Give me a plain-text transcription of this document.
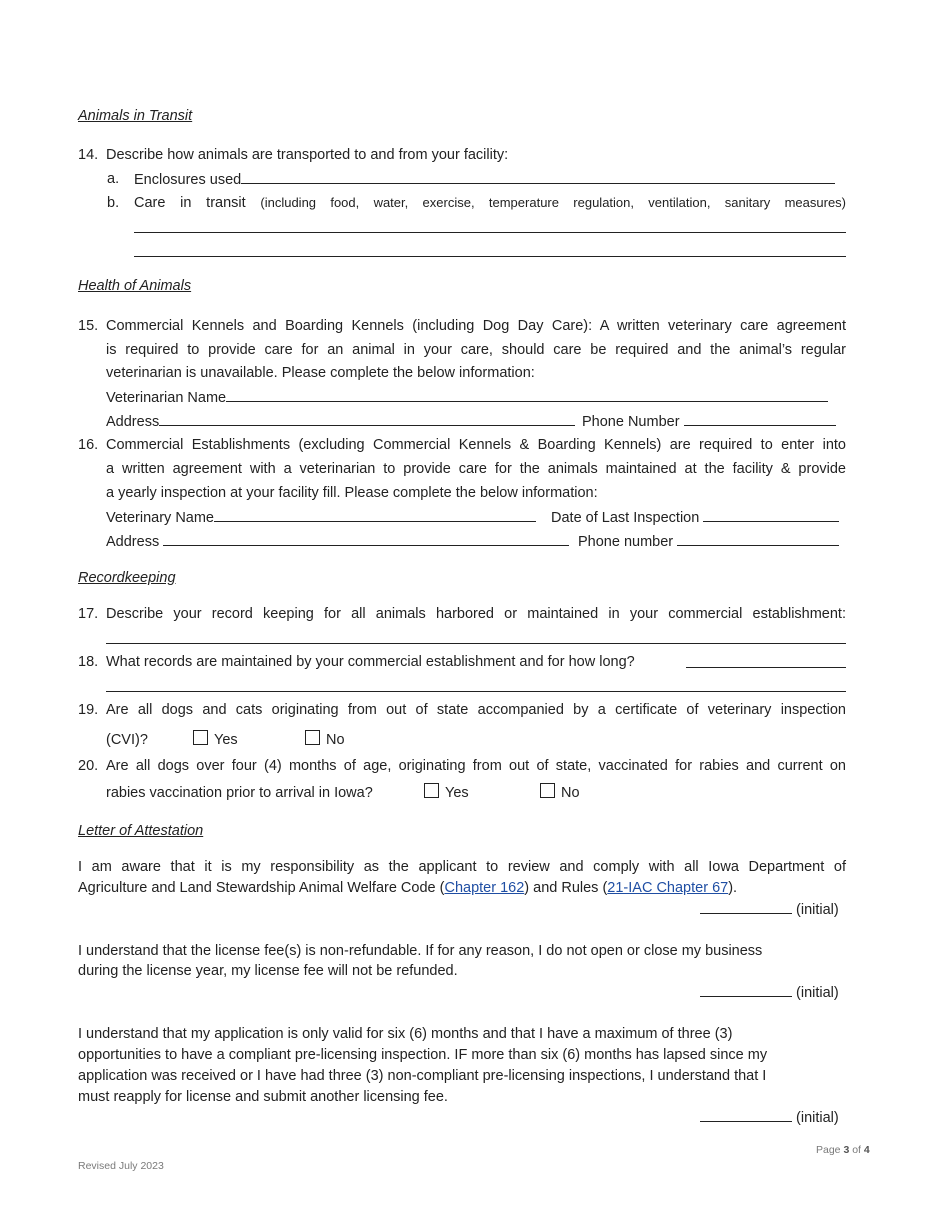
Animals in Transit
14. Describe how animals are transported to and from your facility:
a. Enclosures used
b. Care in transit (including food, water, exercise, temperature regulation, ventilation, sanitary measures)
Health of Animals
15. Commercial Kennels and Boarding Kennels (including Dog Day Care): A written veterinary care agreement
is required to provide care for an animal in your care, should care be required and the animal’s regular
veterinarian is unavailable. Please complete the below information:
Veterinarian Name
Address	Phone Number
16. Commercial Establishments (excluding Commercial Kennels & Boarding Kennels) are required to enter into
a written agreement with a veterinarian to provide care for the animals maintained at the facility & provide
a yearly inspection at your facility fill. Please complete the below information:
Veterinary Name	Date of Last Inspection
Address	Phone number
Recordkeeping
17. Describe your record keeping for all animals harbored or maintained in your commercial establishment:
18. What records are maintained by your commercial establishment and for how long?
19. Are all dogs and cats originating from out of state accompanied by a certificate of veterinary inspection
(CVI)?	Yes	No
20. Are all dogs over four (4) months of age, originating from out of state, vaccinated for rabies and current on
rabies vaccination prior to arrival in Iowa?	Yes	No
Letter of Attestation
I am aware that it is my responsibility as the applicant to review and comply with all Iowa Department of
Agriculture and Land Stewardship Animal Welfare Code (Chapter 162) and Rules (21-IAC Chapter 67).
(initial)
I understand that the license fee(s) is non-refundable. If for any reason, I do not open or close my business
during the license year, my license fee will not be refunded.
(initial)
I understand that my application is only valid for six (6) months and that I have a maximum of three (3)
opportunities to have a compliant pre-licensing inspection. IF more than six (6) months has lapsed since my
application was received or I have had three (3) non-compliant pre-licensing inspections, I understand that I
must reapply for license and submit another licensing fee.
(initial)
Page 3 of 4
Revised July 2023
